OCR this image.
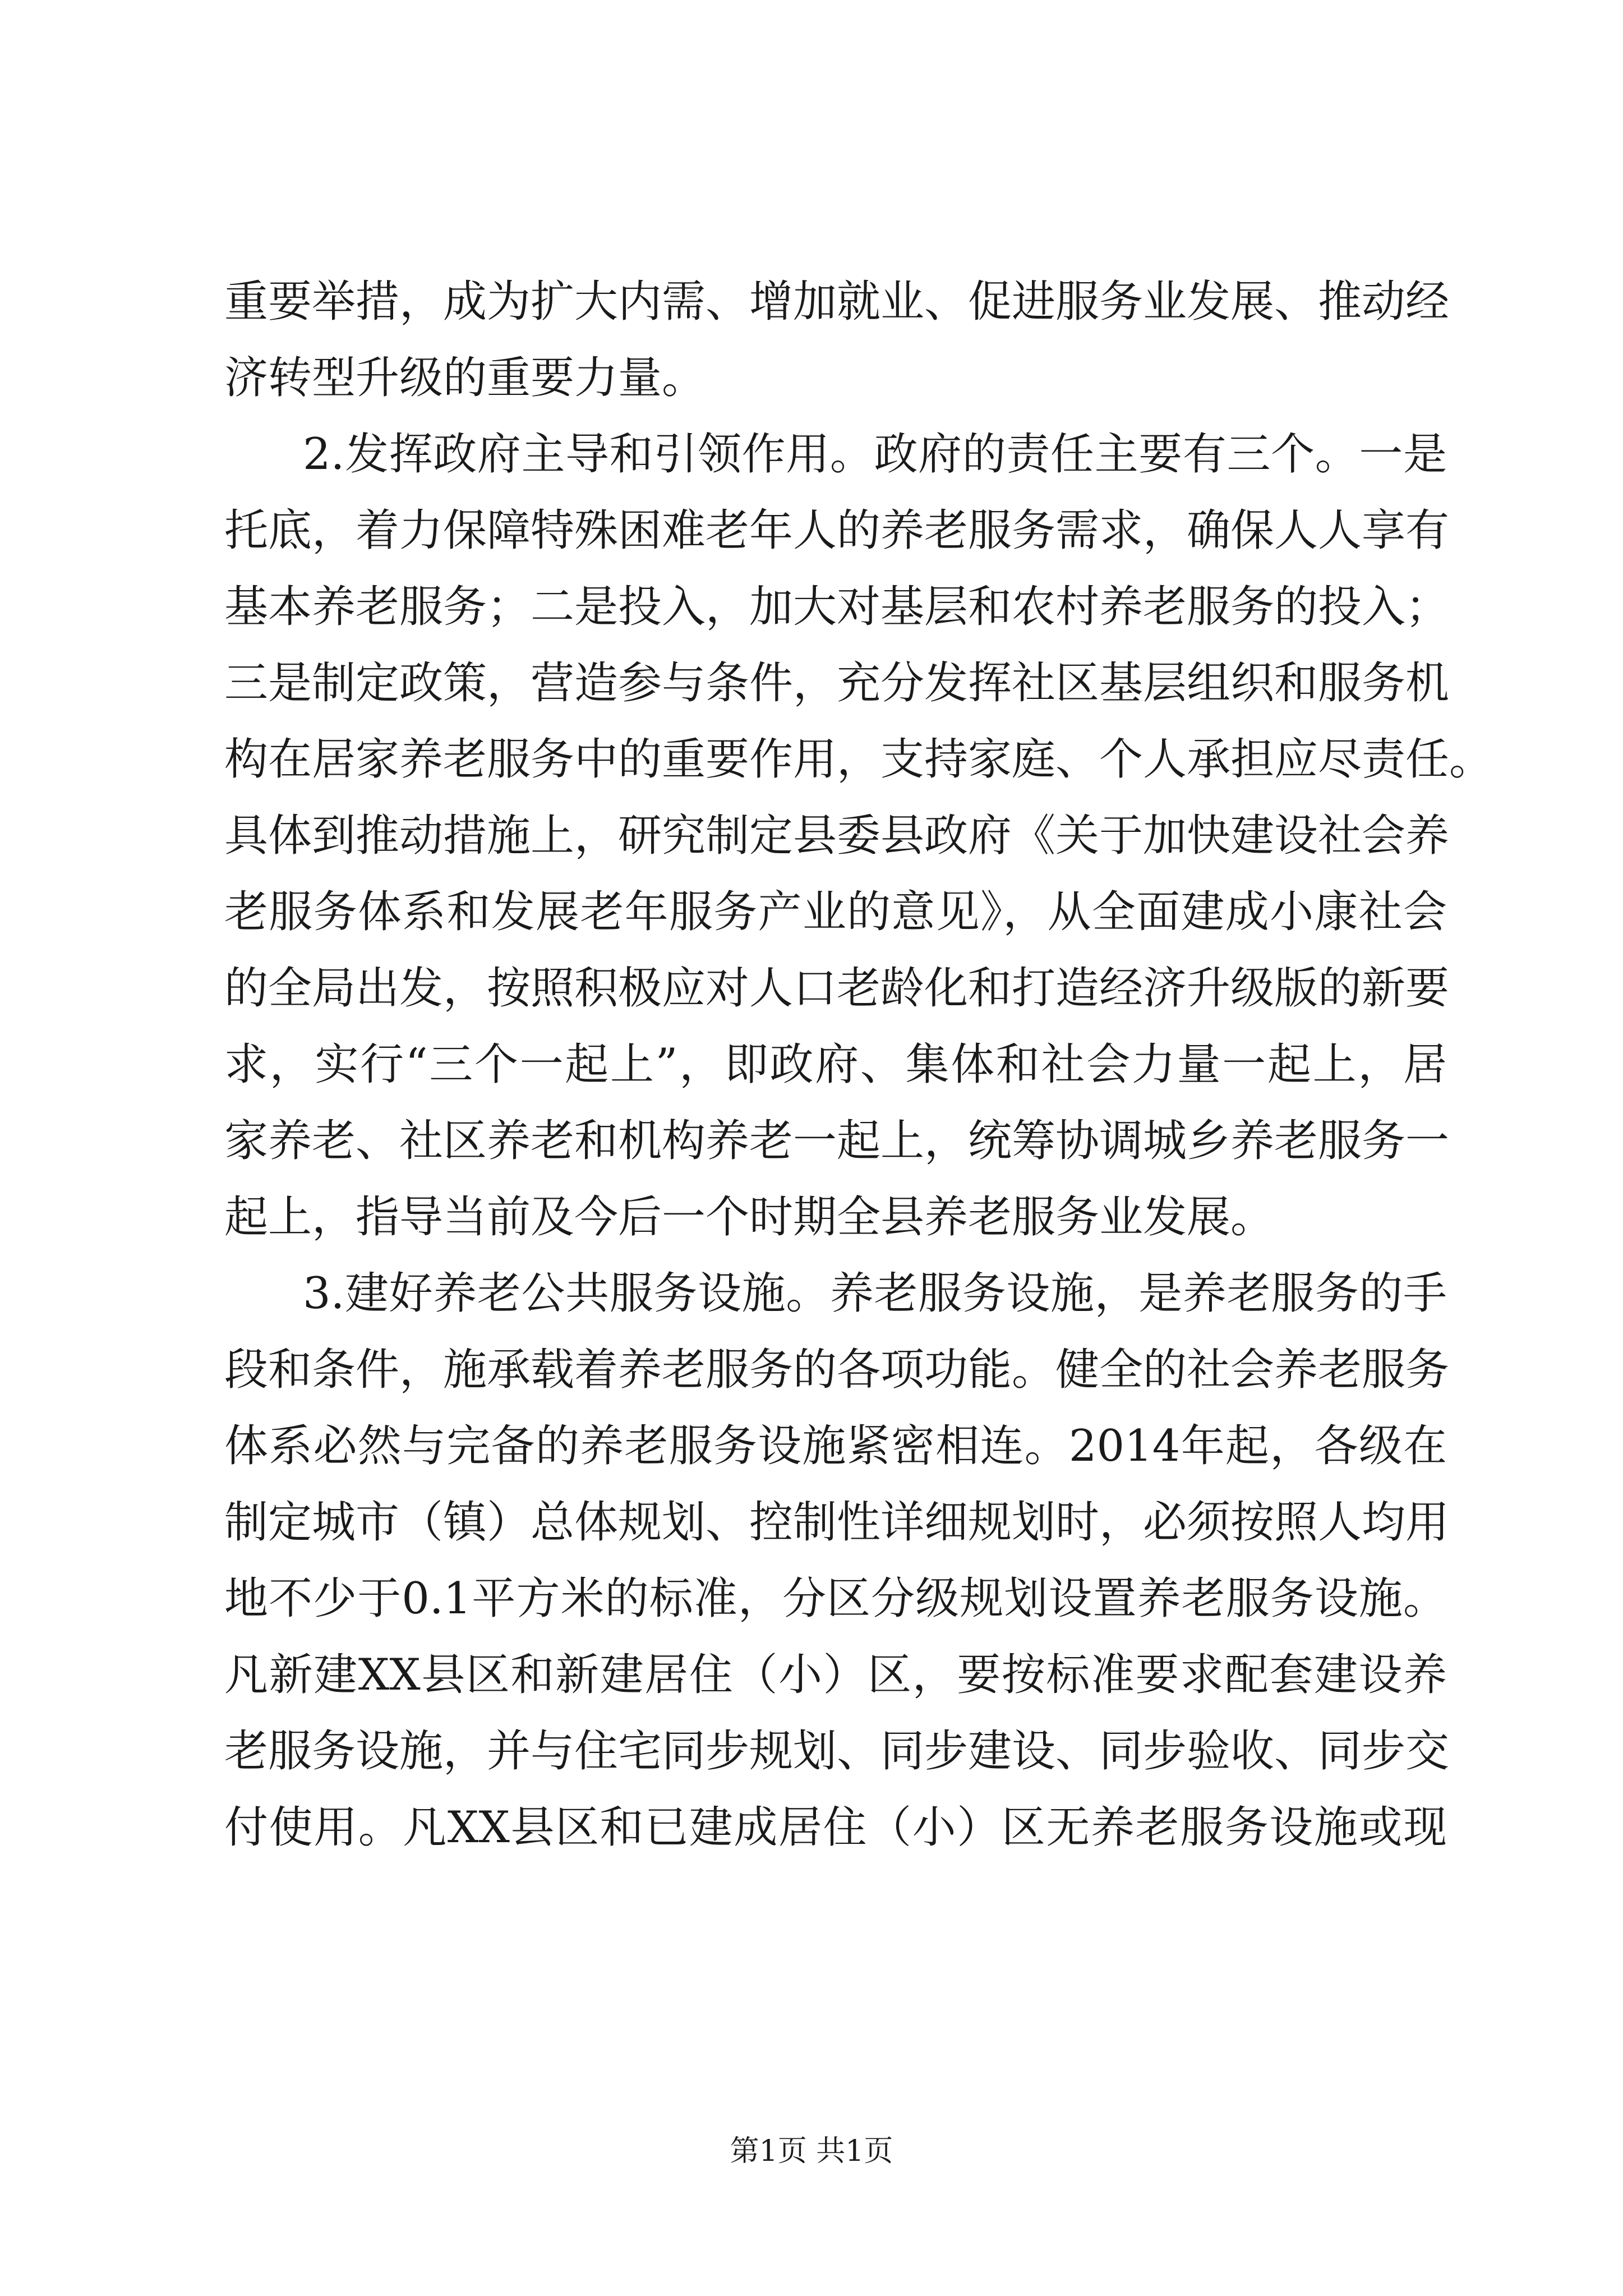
重要举措，成为扩大内需、增加就业、促进服务业发展、推动经
济转型升级的重要力量。
2.发挥政府主导和引领作用。政府的责任主要有三个。一是
托底，着力保障特殊困难老年人的养老服务需求，确保人人享有
基本养老服务；二是投入，加大对基层和农村养老服务的投入；
三是制定政策，营造参与条件，充分发挥社区基层组织和服务机
构在居家养老服务中的重要作用，支持家庭、个人承担应尽责任。
具体到推动措施上，研究制定县委县政府《关于加快建设社会养
老服务体系和发展老年服务产业的意见》，从全面建成小康社会
的全局出发，按照积极应对人口老龄化和打造经济升级版的新要
求，实行“三个一起上”，即政府、集体和社会力量一起上，居
家养老、社区养老和机构养老一起上，统筹协调城乡养老服务一
起上，指导当前及今后一个时期全县养老服务业发展。
3.建好养老公共服务设施。养老服务设施，是养老服务的手
段和条件，施承载着养老服务的各项功能。健全的社会养老服务
体系必然与完备的养老服务设施紧密相连。2014年起，各级在
制定城市（镇）总体规划、控制性详细规划时，必须按照人均用
地不少于0.1平方米的标准，分区分级规划设置养老服务设施。
凡新建XX县区和新建居住（小）区，要按标准要求配套建设养
老服务设施，并与住宅同步规划、同步建设、同步验收、同步交
付使用。凡XX县区和已建成居住（小）区无养老服务设施或现
第1页 共1页
